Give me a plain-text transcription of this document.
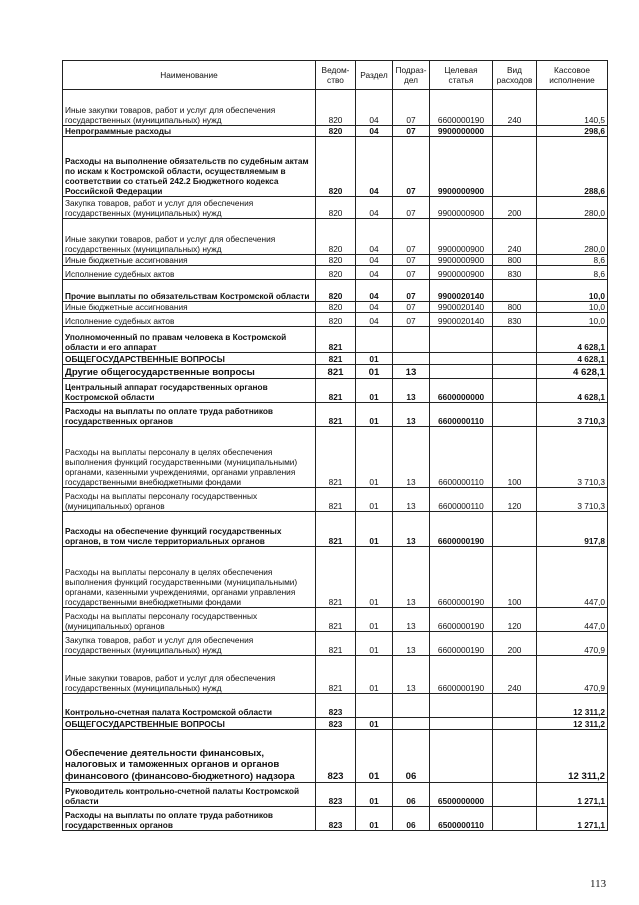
Наименование	Ведом-ство	Раздел	Подраз-дел	Целевая статья	Вид расходов	Кассовое исполнение
Иные закупки товаров, работ и услуг для обеспечения государственных (муниципальных) нужд	820	04	07	6600000190	240	140,5
Непрограммные расходы	820	04	07	9900000000		298,6
Расходы на выполнение обязательств по судебным актам по искам к Костромской области, осуществляемым в соответствии со статьей 242.2 Бюджетного кодекса Российской Федерации	820	04	07	9900000900		288,6
Закупка товаров, работ и услуг для обеспечения государственных (муниципальных) нужд	820	04	07	9900000900	200	280,0
Иные закупки товаров, работ и услуг для обеспечения государственных (муниципальных) нужд	820	04	07	9900000900	240	280,0
Иные бюджетные ассигнования	820	04	07	9900000900	800	8,6
Исполнение судебных актов	820	04	07	9900000900	830	8,6
Прочие выплаты по обязательствам Костромской области	820	04	07	9900020140		10,0
Иные бюджетные ассигнования	820	04	07	9900020140	800	10,0
Исполнение судебных актов	820	04	07	9900020140	830	10,0
Уполномоченный по правам человека в Костромской области и его аппарат	821					4 628,1
ОБЩЕГОСУДАРСТВЕННЫЕ ВОПРОСЫ	821	01				4 628,1
Другие общегосударственные вопросы	821	01	13			4 628,1
Центральный аппарат государственных органов Костромской области	821	01	13	6600000000		4 628,1
Расходы на выплаты по оплате труда работников государственных органов	821	01	13	6600000110		3 710,3
Расходы на выплаты персоналу в целях обеспечения выполнения функций государственными (муниципальными) органами, казенными учреждениями, органами управления государственными внебюджетными фондами	821	01	13	6600000110	100	3 710,3
Расходы на выплаты персоналу государственных (муниципальных) органов	821	01	13	6600000110	120	3 710,3
Расходы на обеспечение функций государственных органов, в том числе территориальных органов	821	01	13	6600000190		917,8
Расходы на выплаты персоналу в целях обеспечения выполнения функций государственными (муниципальными) органами, казенными учреждениями, органами управления государственными внебюджетными фондами	821	01	13	6600000190	100	447,0
Расходы на выплаты персоналу государственных (муниципальных) органов	821	01	13	6600000190	120	447,0
Закупка товаров, работ и услуг для обеспечения государственных (муниципальных) нужд	821	01	13	6600000190	200	470,9
Иные закупки товаров, работ и услуг для обеспечения государственных (муниципальных) нужд	821	01	13	6600000190	240	470,9
Контрольно-счетная палата Костромской области	823					12 311,2
ОБЩЕГОСУДАРСТВЕННЫЕ ВОПРОСЫ	823	01				12 311,2
Обеспечение деятельности финансовых, налоговых и таможенных органов и органов финансового (финансово-бюджетного) надзора	823	01	06			12 311,2
Руководитель контрольно-счетной палаты Костромской области	823	01	06	6500000000		1 271,1
Расходы на выплаты по оплате труда работников государственных органов	823	01	06	6500000110		1 271,1
113
